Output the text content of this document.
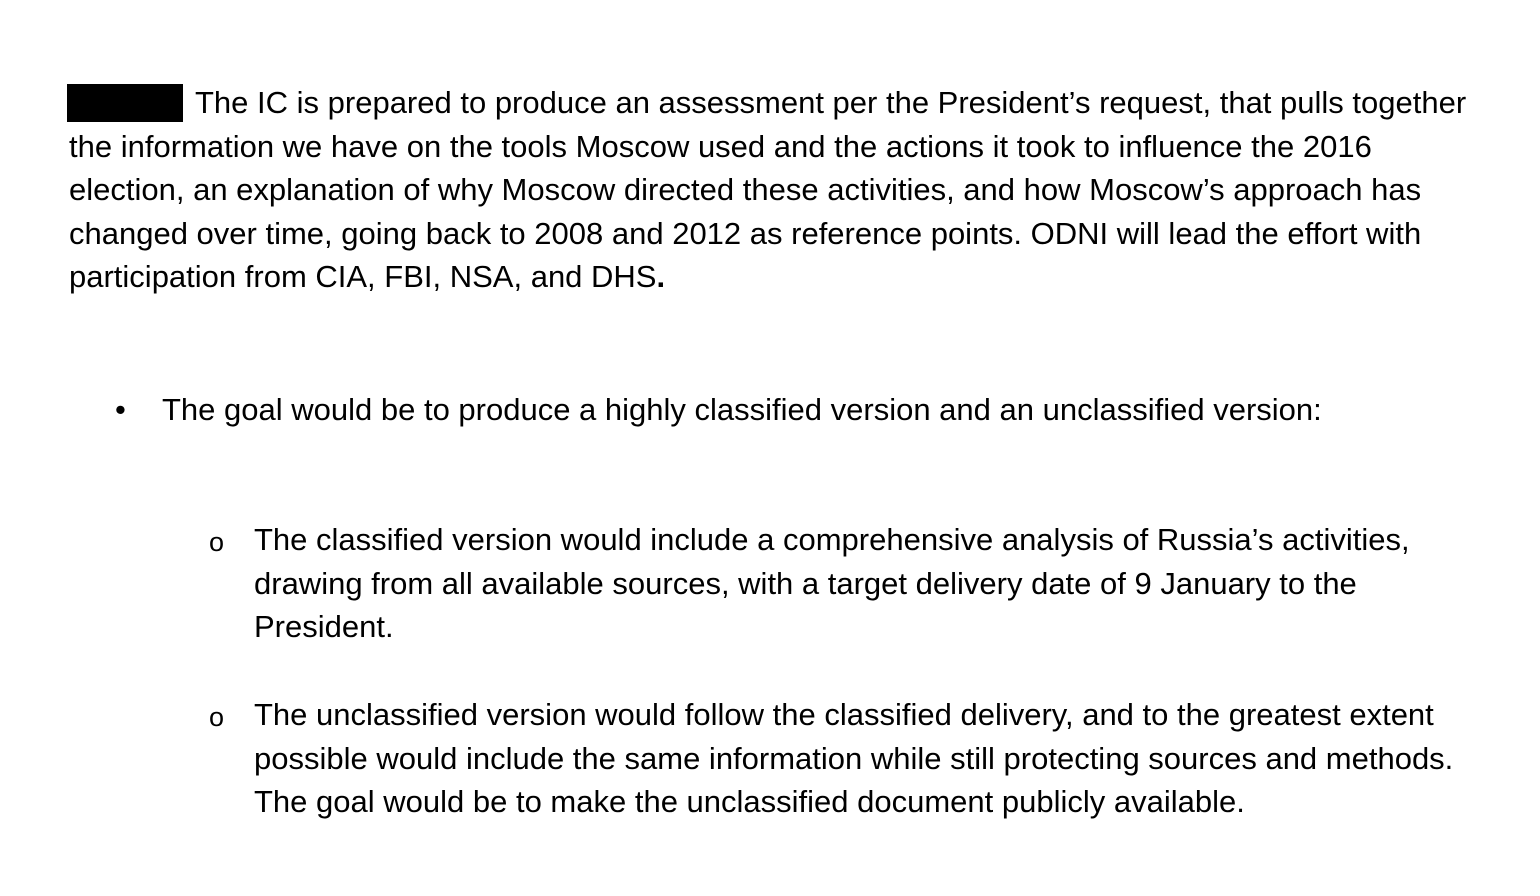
The IC is prepared to produce an assessment per the President’s request, that pulls together the information we have on the tools Moscow used and the actions it took to influence the 2016 election, an explanation of why Moscow directed these activities, and how Moscow’s approach has changed over time, going back to 2008 and 2012 as reference points. ODNI will lead the effort with participation from CIA, FBI, NSA, and DHS.

• The goal would be to produce a highly classified version and an unclassified version:

o The classified version would include a comprehensive analysis of Russia’s activities, drawing from all available sources, with a target delivery date of 9 January to the President.

o The unclassified version would follow the classified delivery, and to the greatest extent possible would include the same information while still protecting sources and methods. The goal would be to make the unclassified document publicly available.
